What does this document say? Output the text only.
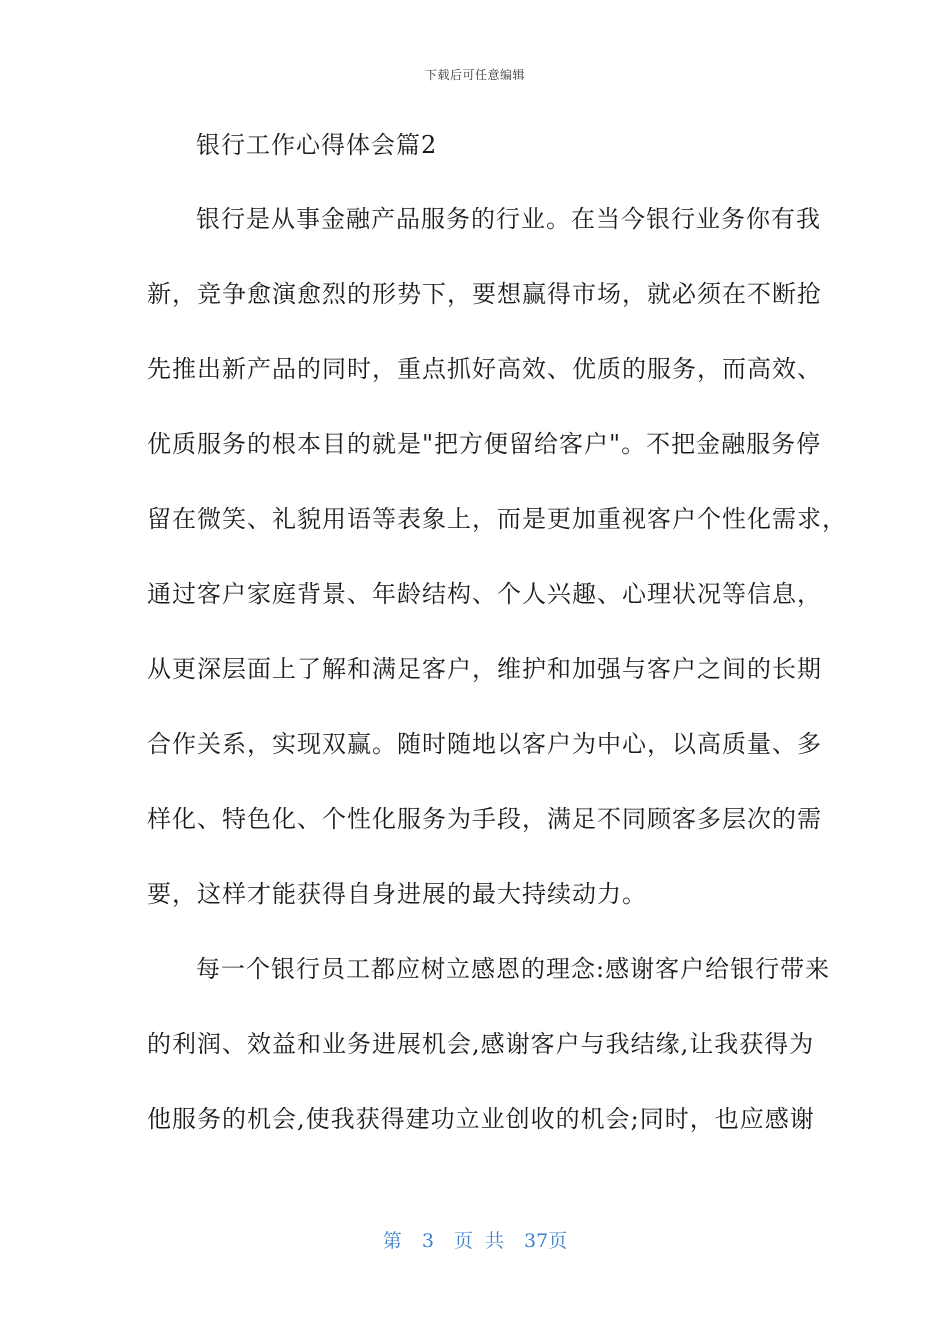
下载后可任意编辑
银行工作心得体会篇2
银行是从事金融产品服务的行业。在当今银行业务你有我
新，竞争愈演愈烈的形势下，要想赢得市场，就必须在不断抢
先推出新产品的同时，重点抓好高效、优质的服务，而高效、
优质服务的根本目的就是"把方便留给客户"。不把金融服务停
留在微笑、礼貌用语等表象上，而是更加重视客户个性化需求，
通过客户家庭背景、年龄结构、个人兴趣、心理状况等信息，
从更深层面上了解和满足客户，维护和加强与客户之间的长期
合作关系，实现双赢。随时随地以客户为中心，以高质量、多
样化、特色化、个性化服务为手段，满足不同顾客多层次的需
要，这样才能获得自身进展的最大持续动力。
每一个银行员工都应树立感恩的理念:感谢客户给银行带来
的利润、效益和业务进展机会,感谢客户与我结缘,让我获得为
他服务的机会,使我获得建功立业创收的机会;同时，也应感谢
第 3 页 共 37页
